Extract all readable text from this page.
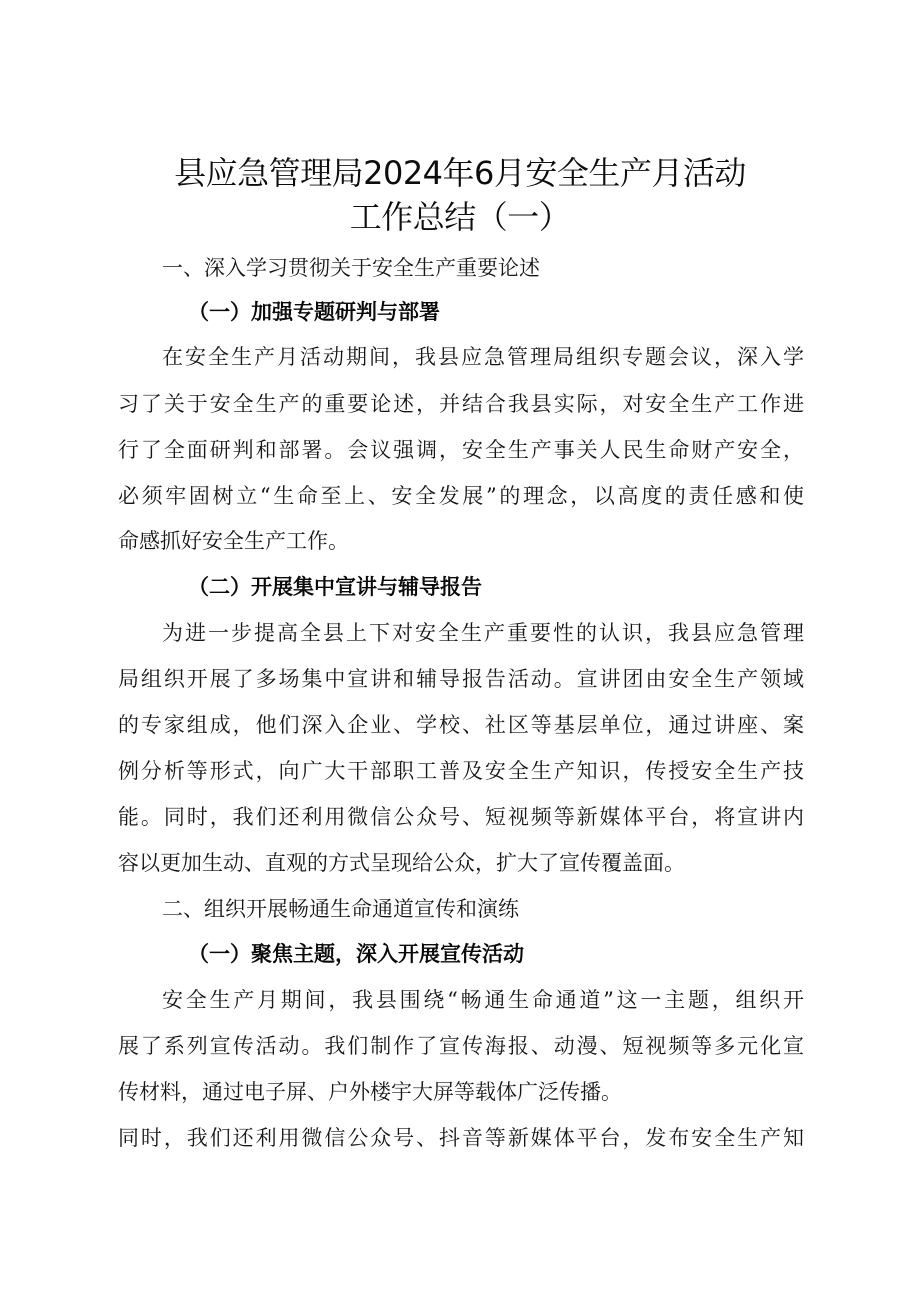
县应急管理局2024年6月安全生产月活动
工作总结（一）
一、深入学习贯彻关于安全生产重要论述
（一）加强专题研判与部署
在安全生产月活动期间，我县应急管理局组织专题会议，深入学
习了关于安全生产的重要论述，并结合我县实际，对安全生产工作进
行了全面研判和部署。会议强调，安全生产事关人民生命财产安全，
必须牢固树立“生命至上、安全发展”的理念，以高度的责任感和使
命感抓好安全生产工作。
（二）开展集中宣讲与辅导报告
为进一步提高全县上下对安全生产重要性的认识，我县应急管理
局组织开展了多场集中宣讲和辅导报告活动。宣讲团由安全生产领域
的专家组成，他们深入企业、学校、社区等基层单位，通过讲座、案
例分析等形式，向广大干部职工普及安全生产知识，传授安全生产技
能。同时，我们还利用微信公众号、短视频等新媒体平台，将宣讲内
容以更加生动、直观的方式呈现给公众，扩大了宣传覆盖面。
二、组织开展畅通生命通道宣传和演练
（一）聚焦主题，深入开展宣传活动
安全生产月期间，我县围绕“畅通生命通道”这一主题，组织开
展了系列宣传活动。我们制作了宣传海报、动漫、短视频等多元化宣
传材料，通过电子屏、户外楼宇大屏等载体广泛传播。
同时，我们还利用微信公众号、抖音等新媒体平台，发布安全生产知
